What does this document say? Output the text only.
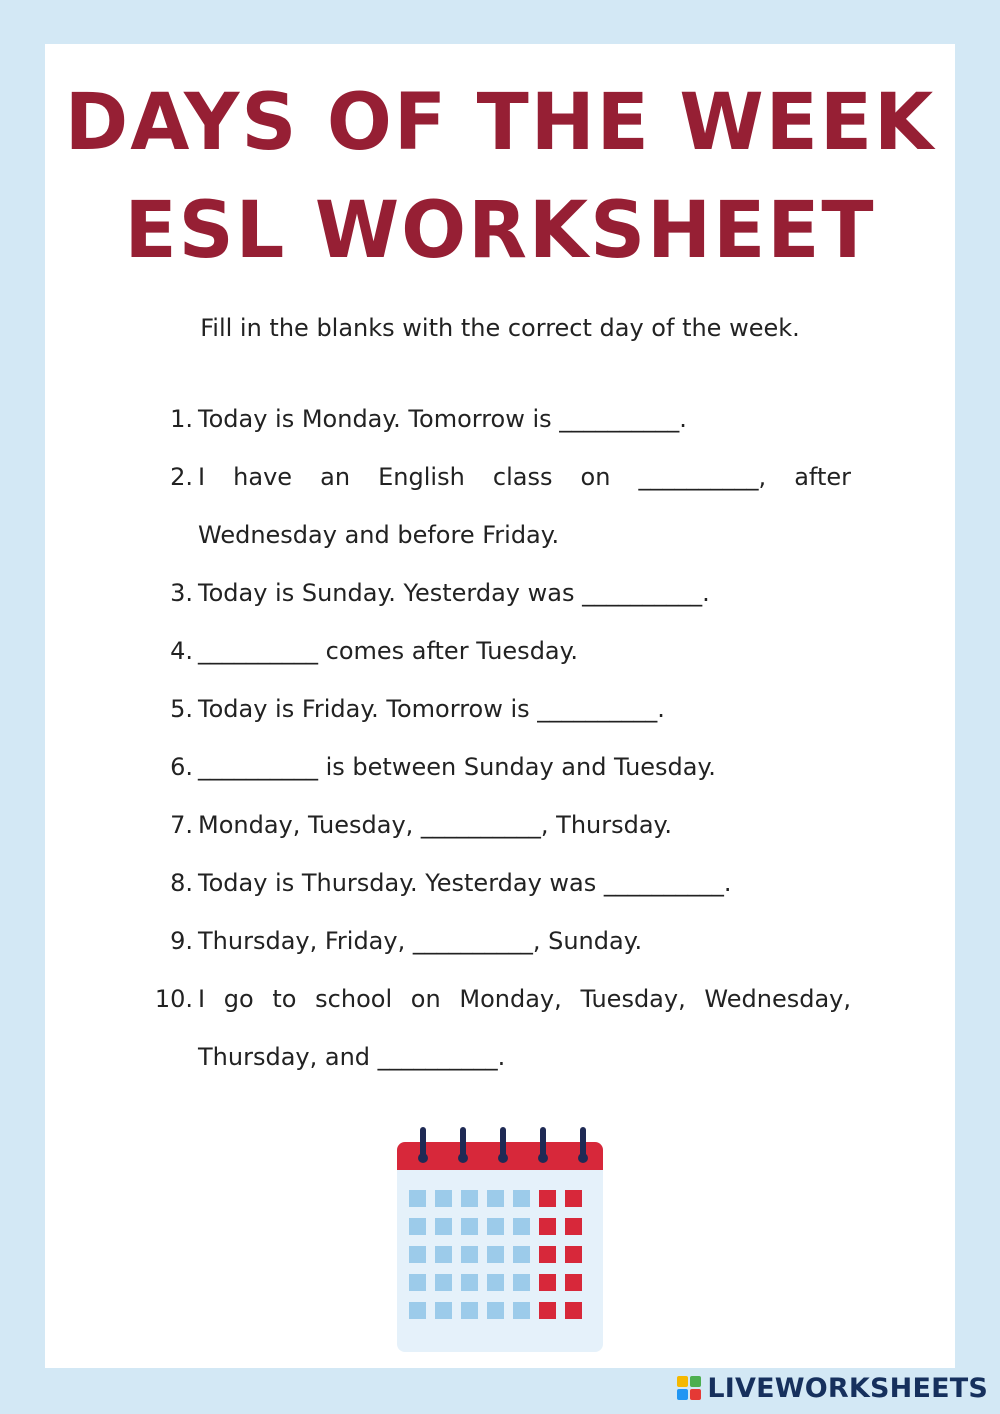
DAYS OF THE WEEK
ESL WORKSHEET
Fill in the blanks with the correct day of the week.
1. Today is Monday. Tomorrow is __________.
2. I have an English class on __________, after
Wednesday and before Friday.
3. Today is Sunday. Yesterday was __________.
4. __________ comes after Tuesday.
5. Today is Friday. Tomorrow is __________.
6. __________ is between Sunday and Tuesday.
7. Monday, Tuesday, __________, Thursday.
8. Today is Thursday. Yesterday was __________.
9. Thursday, Friday, __________, Sunday.
10. I go to school on Monday, Tuesday, Wednesday,
Thursday, and __________.
LIVEWORKSHEETS
